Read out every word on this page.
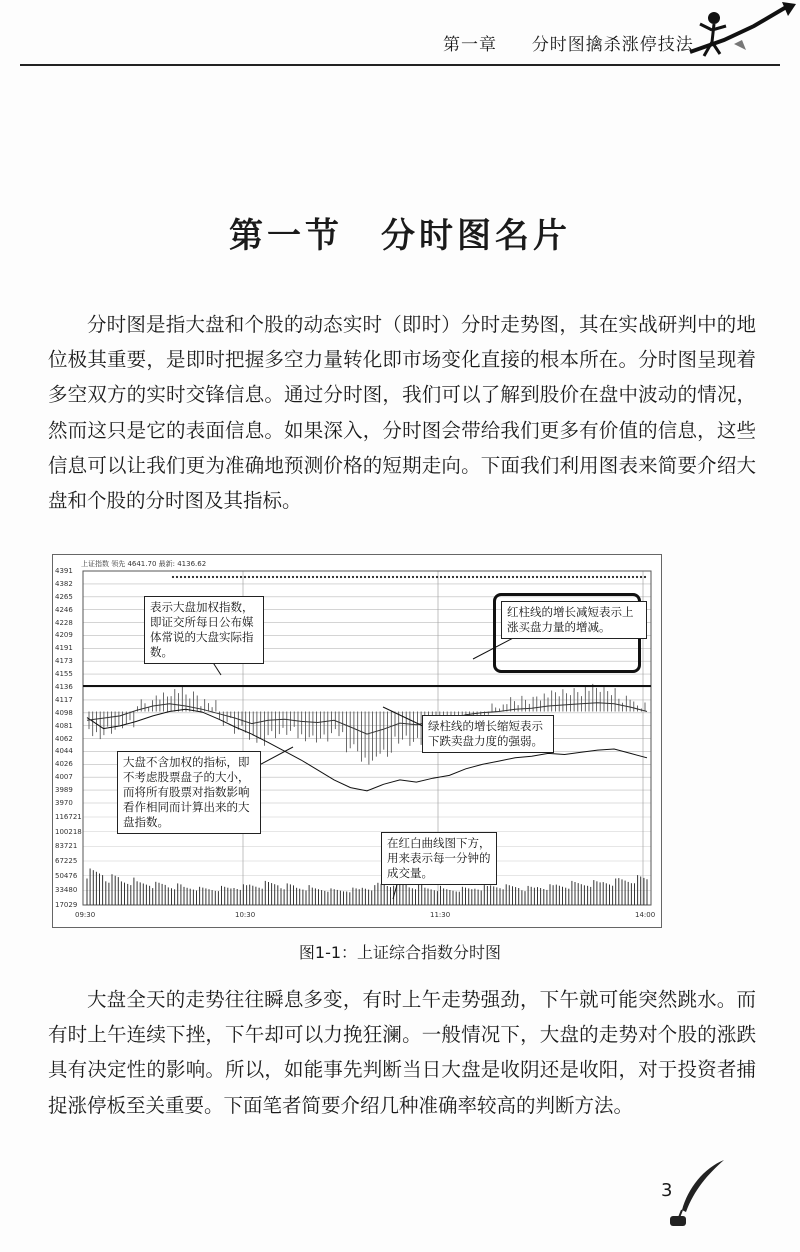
第一章 分时图擒杀涨停技法
第一节　分时图名片

分时图是指大盘和个股的动态实时（即时）分时走势图，其在实战研判中的地位极其重要，是即时把握多空力量转化即市场变化直接的根本所在。分时图呈现着多空双方的实时交锋信息。通过分时图，我们可以了解到股价在盘中波动的情况，然而这只是它的表面信息。如果深入，分时图会带给我们更多有价值的信息，这些信息可以让我们更为准确地预测价格的短期走向。下面我们利用图表来简要介绍大盘和个股的分时图及其指标。

上证指数 领先 4641.70 最新: 4136.62
4391
4382
4265
4246
4228
4209
4191
4173
4155
4136
4117
4098
4081
4062
4044
4026
4007
3989
3970
116721
100218
83721
67225
50476
33480
17029
09:30	10:30	11:30	14:00
表示大盘加权指数，即证交所每日公布媒体常说的大盘实际指数。
红柱线的增长减短表示上涨买盘力量的增减。
绿柱线的增长缩短表示下跌卖盘力度的强弱。
大盘不含加权的指标，即不考虑股票盘子的大小，而将所有股票对指数影响看作相同而计算出来的大盘指数。
在红白曲线图下方，用来表示每一分钟的成交量。
图1-1：上证综合指数分时图

大盘全天的走势往往瞬息多变，有时上午走势强劲，下午就可能突然跳水。而有时上午连续下挫，下午却可以力挽狂澜。一般情况下，大盘的走势对个股的涨跌具有决定性的影响。所以，如能事先判断当日大盘是收阴还是收阳，对于投资者捕捉涨停板至关重要。下面笔者简要介绍几种准确率较高的判断方法。

3
